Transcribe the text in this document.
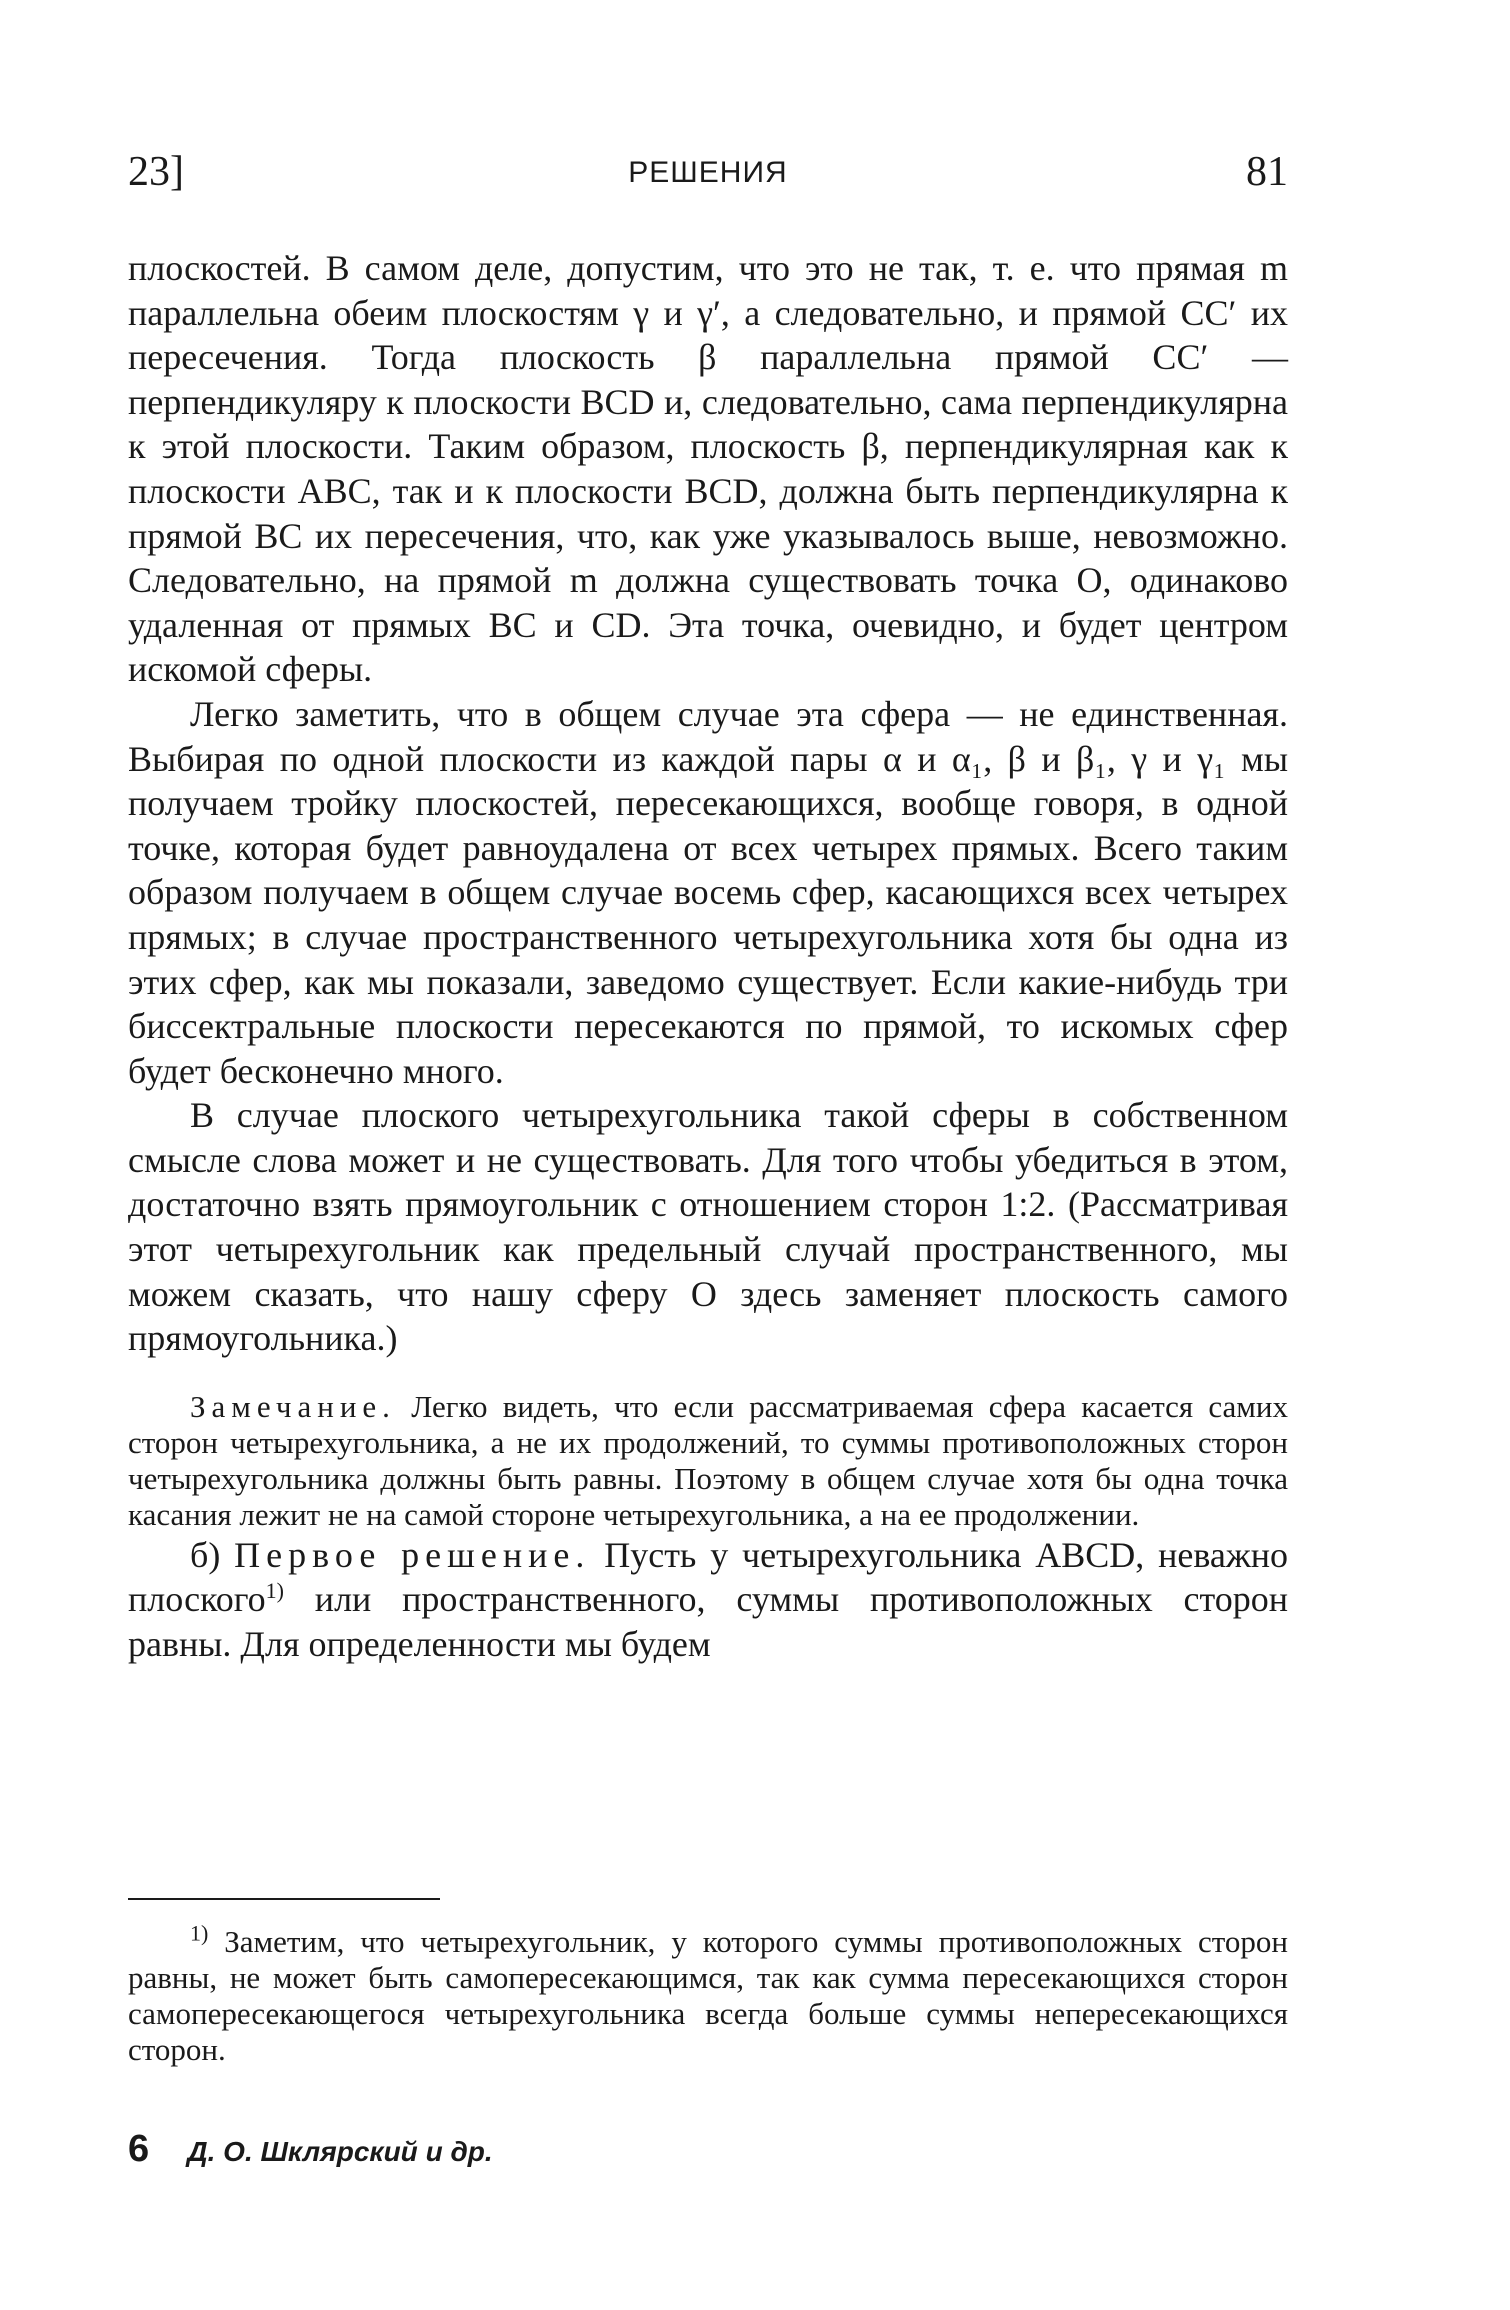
23]	РЕШЕНИЯ	81

плоскостей. В самом деле, допустим, что это не так, т. е. что прямая m параллельна обеим плоскостям γ и γ′, а следовательно, и прямой CC′ их пересечения. Тогда плоскость β параллельна прямой CC′ — перпендикуляру к плоскости BCD и, следовательно, сама перпендикулярна к этой плоскости. Таким образом, плоскость β, перпендикулярная как к плоскости ABC, так и к плоскости BCD, должна быть перпендикулярна к прямой BC их пересечения, что, как уже указывалось выше, невозможно. Следовательно, на прямой m должна существовать точка O, одинаково удаленная от прямых BC и CD. Эта точка, очевидно, и будет центром искомой сферы.

Легко заметить, что в общем случае эта сфера — не единственная. Выбирая по одной плоскости из каждой пары α и α₁, β и β₁, γ и γ₁ мы получаем тройку плоскостей, пересекающихся, вообще говоря, в одной точке, которая будет равноудалена от всех четырех прямых. Всего таким образом получаем в общем случае восемь сфер, касающихся всех четырех прямых; в случае пространственного четырехугольника хотя бы одна из этих сфер, как мы показали, заведомо существует. Если какие-нибудь три биссектральные плоскости пересекаются по прямой, то искомых сфер будет бесконечно много.

В случае плоского четырехугольника такой сферы в собственном смысле слова может и не существовать. Для того чтобы убедиться в этом, достаточно взять прямоугольник с отношением сторон 1:2. (Рассматривая этот четырехугольник как предельный случай пространственного, мы можем сказать, что нашу сферу O здесь заменяет плоскость самого прямоугольника.)

Замечание. Легко видеть, что если рассматриваемая сфера касается самих сторон четырехугольника, а не их продолжений, то суммы противоположных сторон четырехугольника должны быть равны. Поэтому в общем случае хотя бы одна точка касания лежит не на самой стороне четырехугольника, а на ее продолжении.

б) Первое решение. Пусть у четырехугольника ABCD, неважно плоского$^{1)}$ или пространственного, суммы противоположных сторон равны. Для определенности мы будем

$^{1)}$ Заметим, что четырехугольник, у которого суммы противоположных сторон равны, не может быть самопересекающимся, так как сумма пересекающихся сторон самопересекающегося четырехугольника всегда больше суммы непересекающихся сторон.

6 Д. О. Шклярский и др.
